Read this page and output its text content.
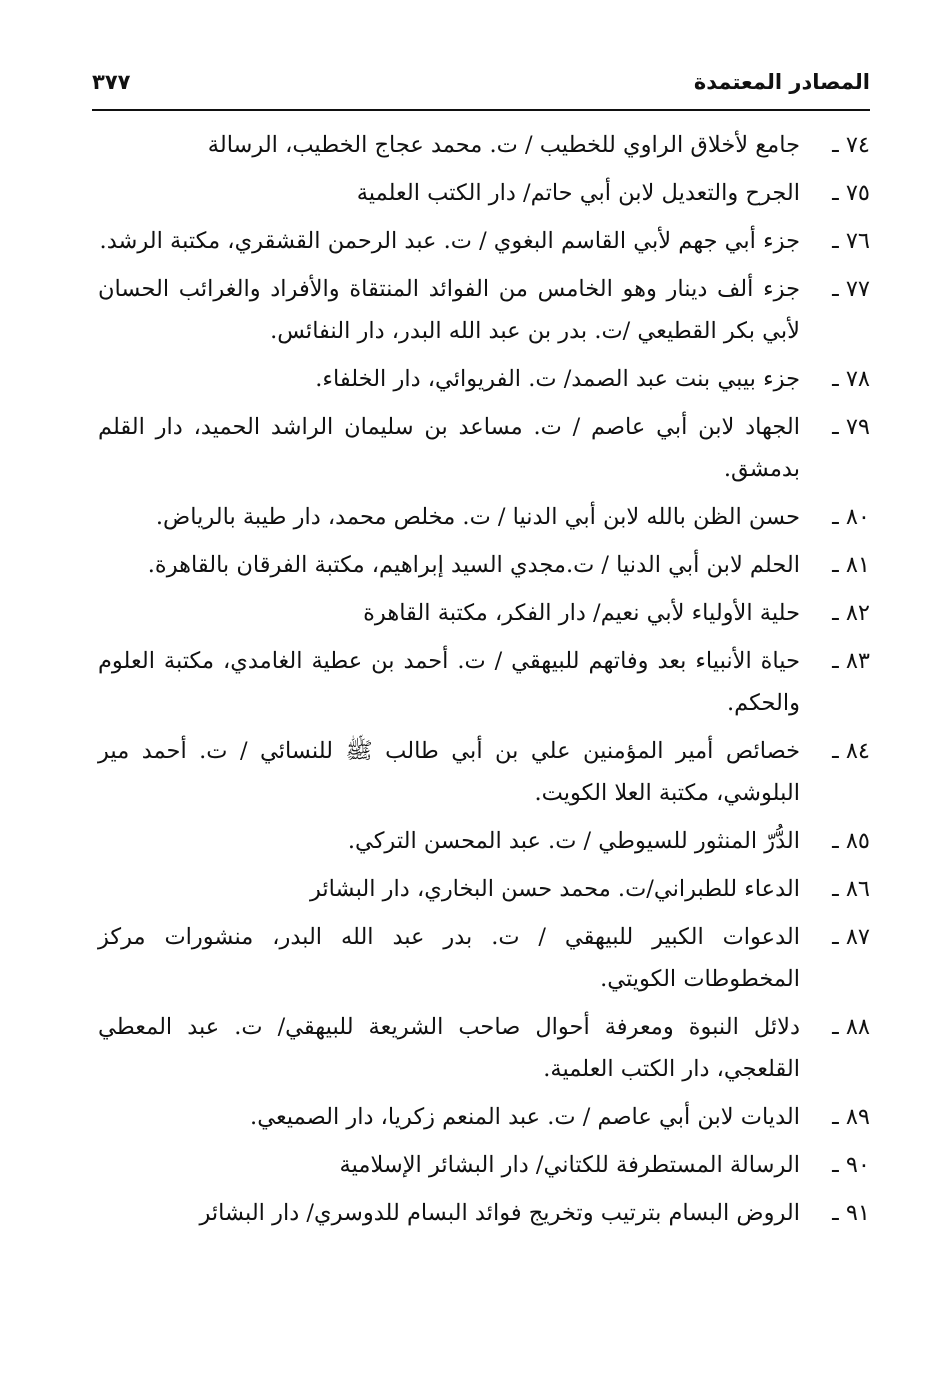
المصادر المعتمدة
٣٧٧
٧٤ ـ
جامع لأخلاق الراوي للخطيب / ت. محمد عجاج الخطيب، الرسالة
٧٥ ـ
الجرح والتعديل لابن أبي حاتم/ دار الكتب العلمية
٧٦ ـ
جزء أبي جهم لأبي القاسم البغوي / ت. عبد الرحمن القشقري، مكتبة الرشد.
٧٧ ـ
جزء ألف دينار وهو الخامس من الفوائد المنتقاة والأفراد والغرائب الحسان لأبي بكر القطيعي /ت. بدر بن عبد الله البدر، دار النفائس.
٧٨ ـ
جزء بيبي بنت عبد الصمد/ ت. الفريوائي، دار الخلفاء.
٧٩ ـ
الجهاد لابن أبي عاصم / ت. مساعد بن سليمان الراشد الحميد، دار القلم بدمشق.
٨٠ ـ
حسن الظن بالله لابن أبي الدنيا / ت. مخلص محمد، دار طيبة بالرياض.
٨١ ـ
الحلم لابن أبي الدنيا / ت.مجدي السيد إبراهيم، مكتبة الفرقان بالقاهرة.
٨٢ ـ
حلية الأولياء لأبي نعيم/ دار الفكر، مكتبة القاهرة
٨٣ ـ
حياة الأنبياء بعد وفاتهم للبيهقي / ت. أحمد بن عطية الغامدي، مكتبة العلوم والحكم.
٨٤ ـ
خصائص أمير المؤمنين علي بن أبي طالب ﷺ للنسائي / ت. أحمد مير البلوشي، مكتبة العلا الكويت.
٨٥ ـ
الدُّرّ المنثور للسيوطي / ت. عبد المحسن التركي.
٨٦ ـ
الدعاء للطبراني/ت. محمد حسن البخاري، دار البشائر
٨٧ ـ
الدعوات الكبير للبيهقي / ت. بدر عبد الله البدر، منشورات مركز المخطوطات الكويتي.
٨٨ ـ
دلائل النبوة ومعرفة أحوال صاحب الشريعة للبيهقي/ ت. عبد المعطي القلعجي، دار الكتب العلمية.
٨٩ ـ
الديات لابن أبي عاصم / ت. عبد المنعم زكريا، دار الصميعي.
٩٠ ـ
الرسالة المستطرفة للكتاني/ دار البشائر الإسلامية
٩١ ـ
الروض البسام بترتيب وتخريج فوائد البسام للدوسري/ دار البشائر
